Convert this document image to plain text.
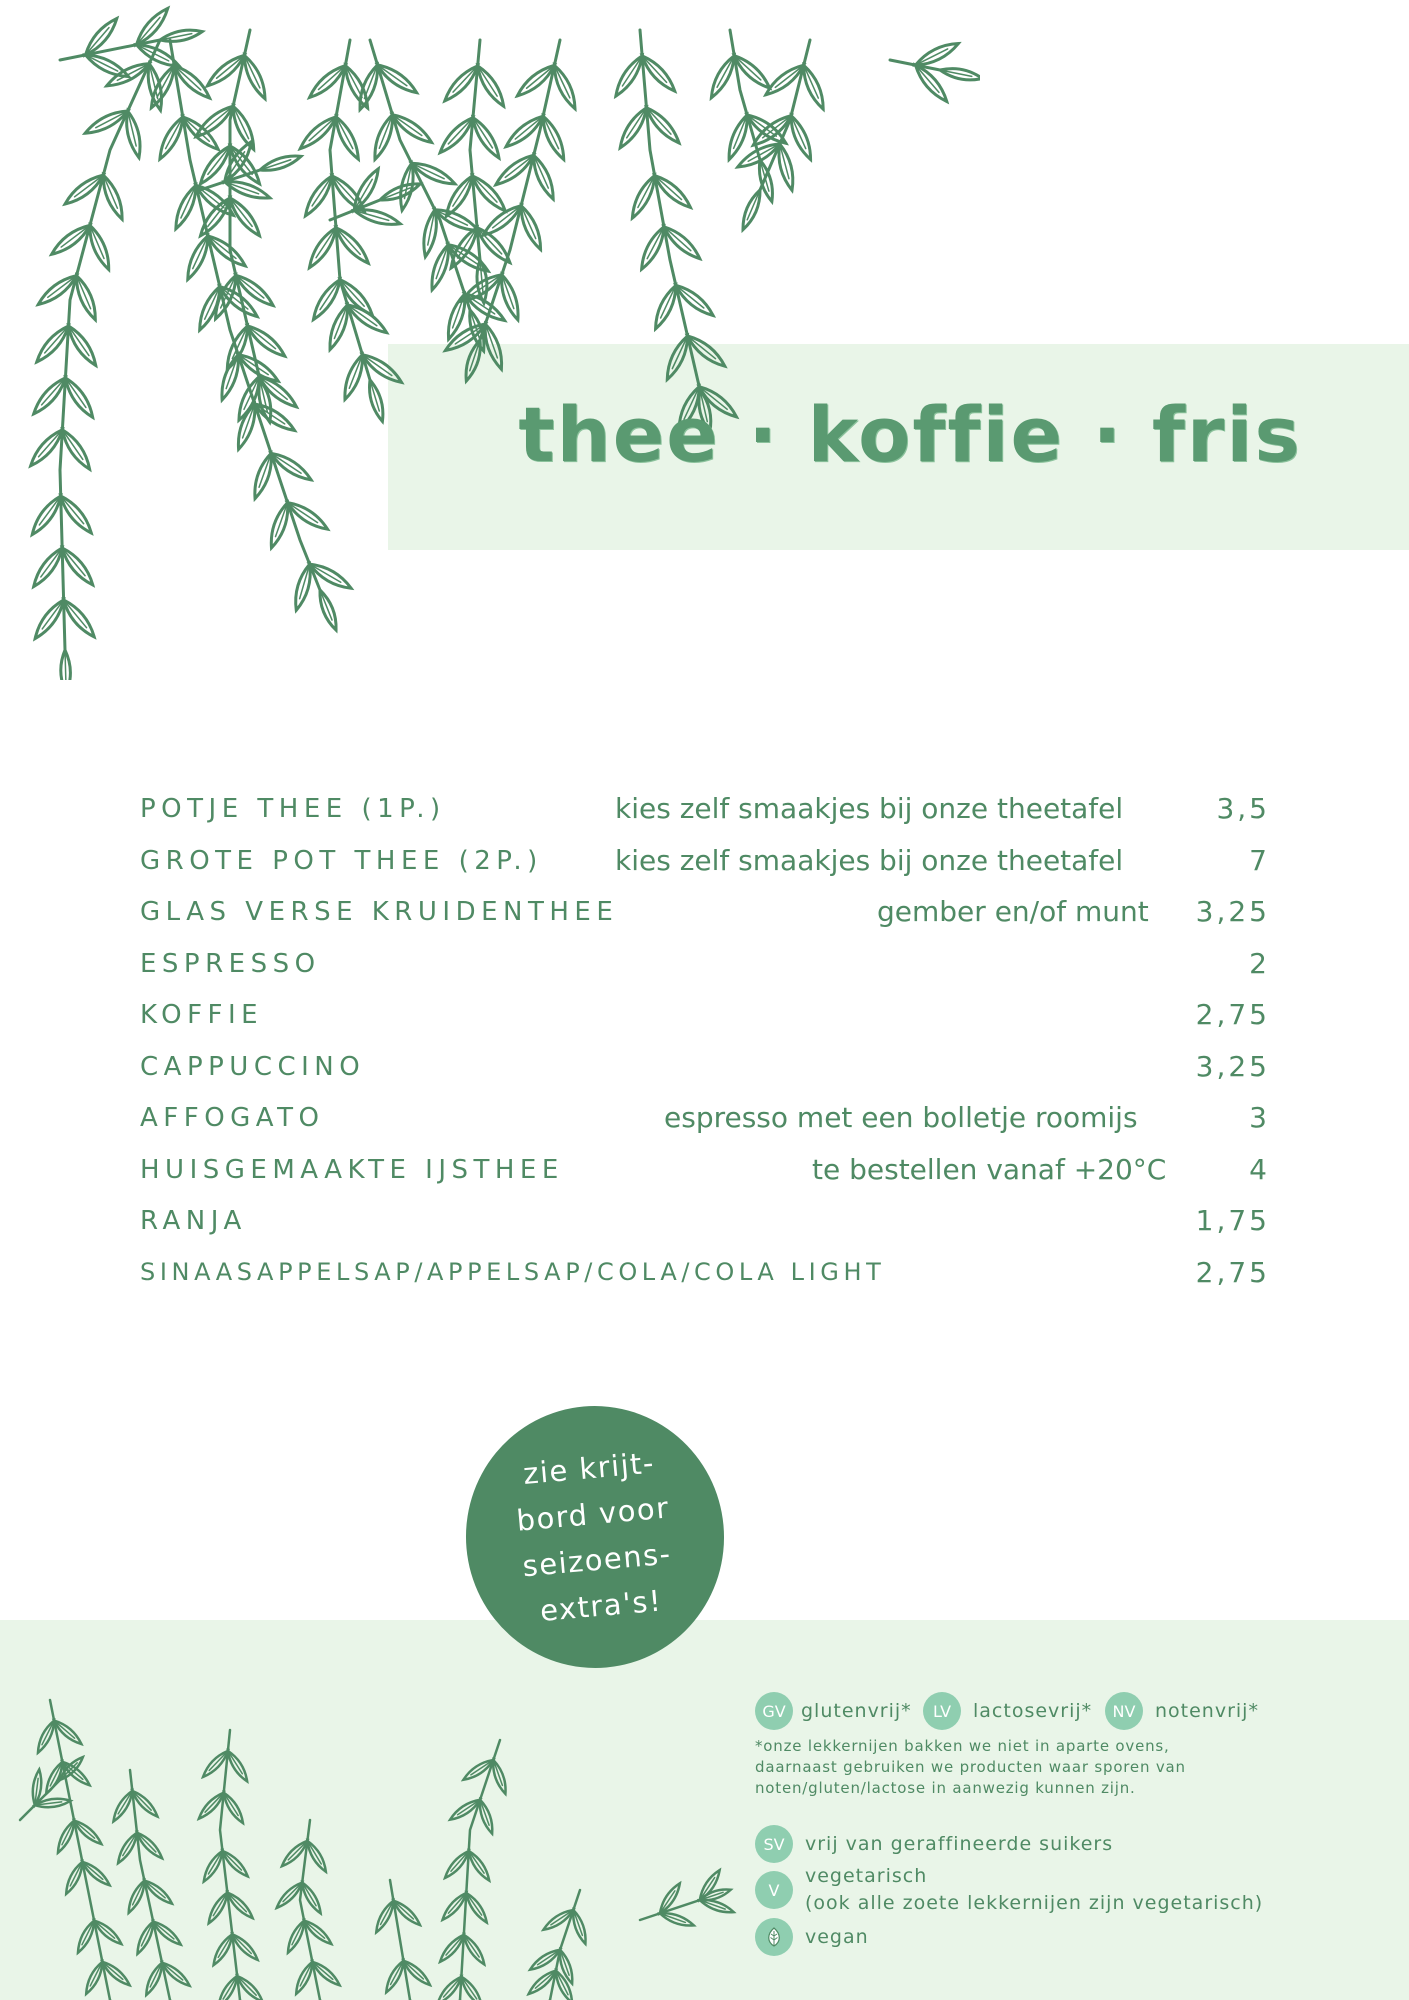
thee · koffie · fris
POTJE THEE (1P.)	kies zelf smaakjes bij onze theetafel	3,5
GROTE POT THEE (2P.)	kies zelf smaakjes bij onze theetafel	7
GLAS VERSE KRUIDENTHEE	gember en/of munt 3,25
ESPRESSO	2
KOFFIE	2,75
CAPPUCCINO	3,25
AFFOGATO	espresso met een bolletje roomijs	3
HUISGEMAAKTE IJSTHEE	te bestellen vanaf +20°C	4
RANJA	1,75
SINAASAPPELSAP/APPELSAP/COLA/COLA LIGHT	2,75
zie krijt-
bord voor
seizoens-
extra's!
GV glutenvrij*	LV	lactosevrij*	NV	notenvrij*
*onze lekkernijen bakken we niet in aparte ovens,
daarnaast gebruiken we producten waar sporen van
noten/gluten/lactose in aanwezig kunnen zijn.
SV	vrij van geraffineerde suikers
V
vegetarisch
(ook alle zoete lekkernijen zijn vegetarisch)
vegan
